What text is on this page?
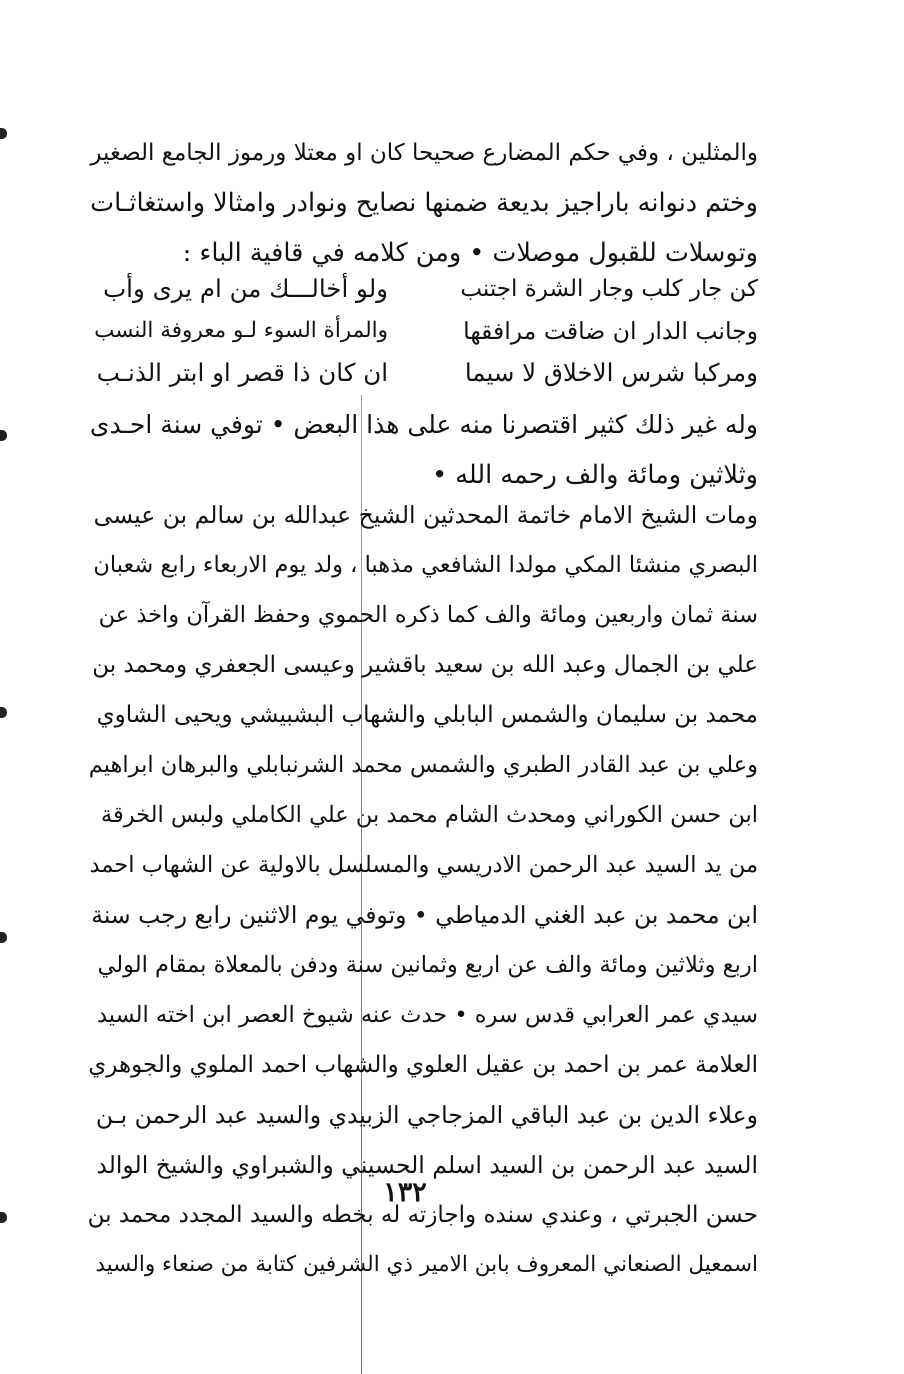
والمثلين ، وفي حكم المضارع صحيحا كان او معتلا ورموز الجامع الصغير
وختم دنوانه باراجيز بديعة ضمنها نصايح ونوادر وامثالا واستغاثـات
وتوسلات للقبول موصلات • ومن كلامه في قافية الباء :
كن جار كلب وجار الشرة اجتنب
ولو أخالـــك من ام يرى وأب
وجانب الدار ان ضاقت مرافقها
والمرأة السوء لـو معروفة النسب
ومركبا شرس الاخلاق لا سيما
ان كان ذا قصر او ابتر الذنـب
وله غير ذلك كثير اقتصرنا منه على هذا البعض • توفي سنة احـدى
وثلاثين ومائة والف رحمه الله •
ومات الشيخ الامام خاتمة المحدثين الشيخ عبدالله بن سالم بن عيسى
البصري منشئا المكي مولدا الشافعي مذهبا ، ولد يوم الاربعاء رابع شعبان
سنة ثمان واربعين ومائة والف كما ذكره الحموي وحفظ القرآن واخذ عن
علي بن الجمال وعبد الله بن سعيد باقشير وعيسى الجعفري ومحمد بن
محمد بن سليمان والشمس البابلي والشهاب البشبيشي ويحيى الشاوي
وعلي بن عبد القادر الطبري والشمس محمد الشرنبابلي والبرهان ابراهيم
ابن حسن الكوراني ومحدث الشام محمد بن علي الكاملي ولبس الخرقة
من يد السيد عبد الرحمن الادريسي والمسلسل بالاولية عن الشهاب احمد
ابن محمد بن عبد الغني الدمياطي • وتوفي يوم الاثنين رابع رجب سنة
اربع وثلاثين ومائة والف عن اربع وثمانين سنة ودفن بالمعلاة بمقام الولي
سيدي عمر العرابي قدس سره • حدث عنه شيوخ العصر ابن اخته السيد
العلامة عمر بن احمد بن عقيل العلوي والشهاب احمد الملوي والجوهري
وعلاء الدين بن عبد الباقي المزجاجي الزبيدي والسيد عبد الرحمن بـن
السيد عبد الرحمن بن السيد اسلم الحسيني والشبراوي والشيخ الوالد
حسن الجبرتي ، وعندي سنده واجازته له بخطه والسيد المجدد محمد بن
اسمعيل الصنعاني المعروف بابن الامير ذي الشرفين كتابة من صنعاء والسيد
١٣٢
